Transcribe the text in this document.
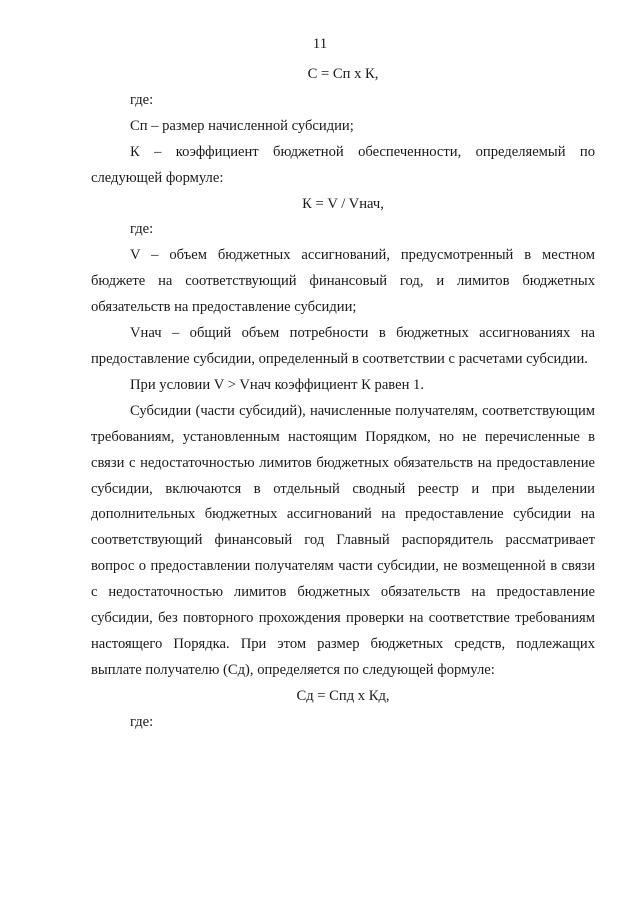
11

С = Сп х К,

где:

Сп – размер начисленной субсидии;

К – коэффициент бюджетной обеспеченности, определяемый по следующей формуле:

К = V / Vнач,

где:

V – объем бюджетных ассигнований, предусмотренный в местном бюджете на соответствующий финансовый год, и лимитов бюджетных обязательств на предоставление субсидии;

Vнач – общий объем потребности в бюджетных ассигнованиях на предоставление субсидии, определенный в соответствии с расчетами субсидии.

При условии V > Vнач коэффициент К равен 1.

Субсидии (части субсидий), начисленные получателям, соответствующим требованиям, установленным настоящим Порядком, но не перечисленные в связи с недостаточностью лимитов бюджетных обязательств на предоставление субсидии, включаются в отдельный сводный реестр и при выделении дополнительных бюджетных ассигнований на предоставление субсидии на соответствующий финансовый год Главный распорядитель рассматривает вопрос о предоставлении получателям части субсидии, не возмещенной в связи с недостаточностью лимитов бюджетных обязательств на предоставление субсидии, без повторного прохождения проверки на соответствие требованиям настоящего Порядка. При этом размер бюджетных средств, подлежащих выплате получателю (Сд), определяется по следующей формуле:

Сд = Спд х Кд,

где:
